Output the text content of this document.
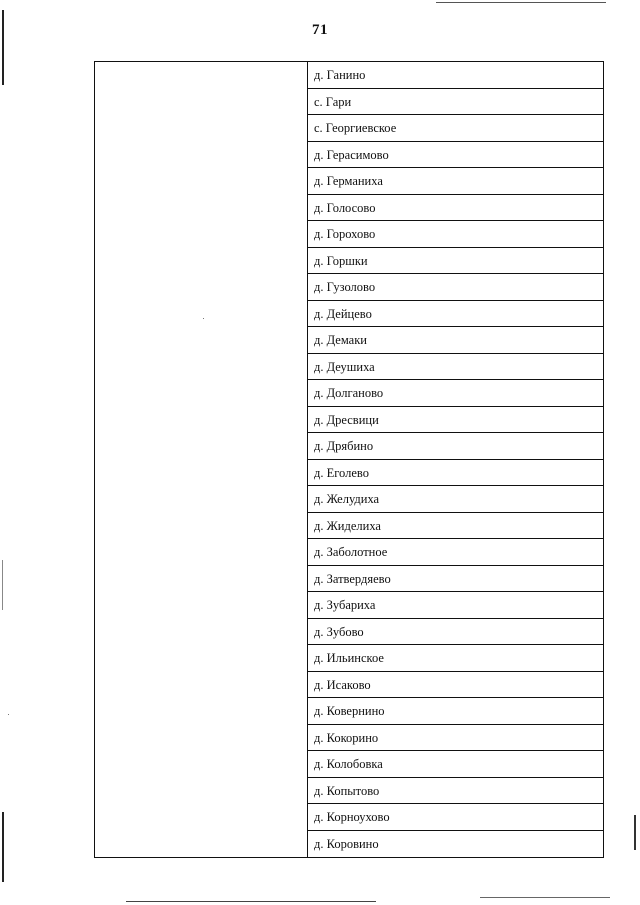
71
д. Ганино
с. Гари
с. Георгиевское
д. Герасимово
д. Германиха
д. Голосово
д. Горохово
д. Горшки
д. Гузолово
д. Дейцево
д. Демаки
д. Деушиха
д. Долганово
д. Дресвици
д. Дрябино
д. Еголево
д. Желудиха
д. Жиделиха
д. Заболотное
д. Затвердяево
д. Зубариха
д. Зубово
д. Ильинское
д. Исаково
д. Ковернино
д. Кокорино
д. Колобовка
д. Копытово
д. Корноухово
д. Коровино
